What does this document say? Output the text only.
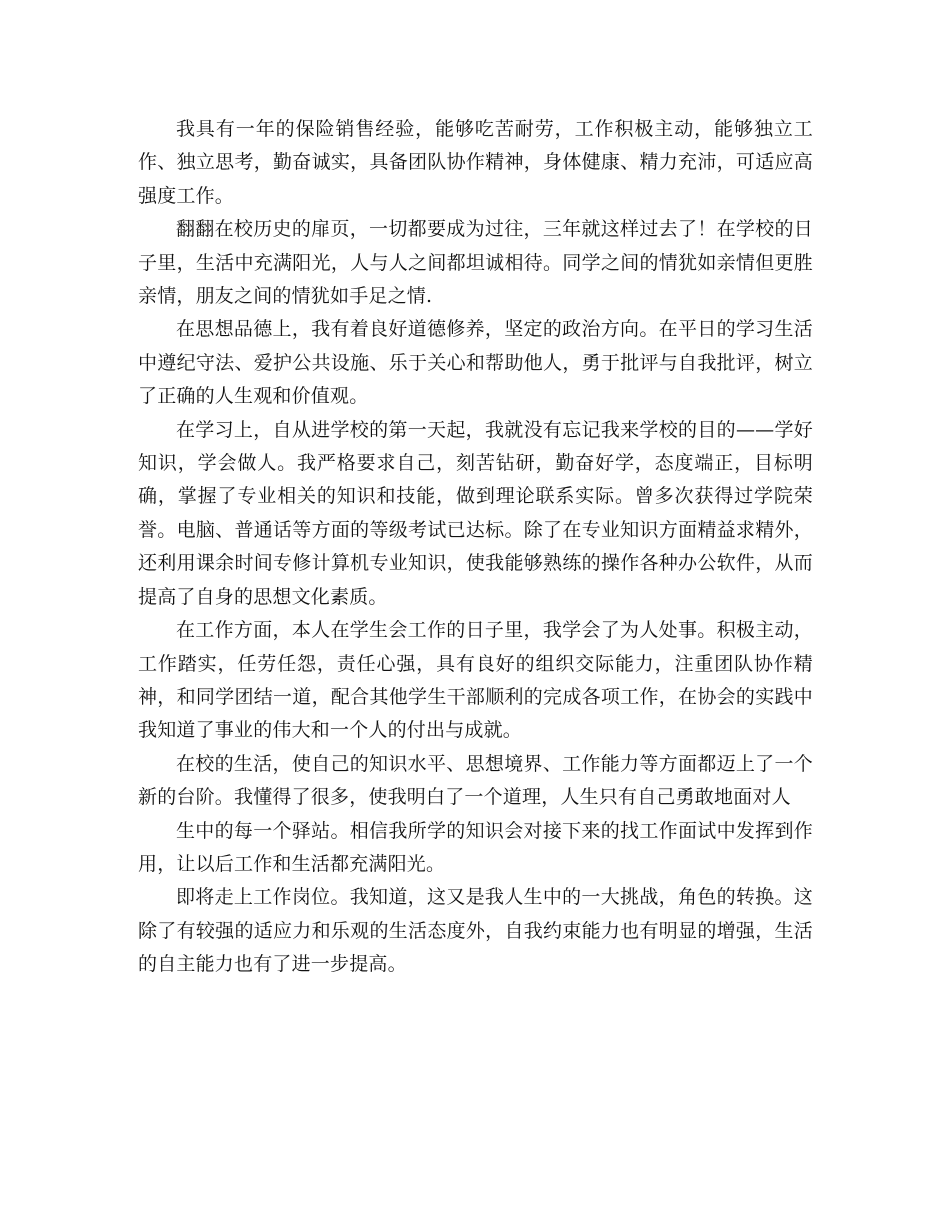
我具有一年的保险销售经验，能够吃苦耐劳，工作积极主动，能够独立工作、独立思考，勤奋诚实，具备团队协作精神，身体健康、精力充沛，可适应高强度工作。

翻翻在校历史的扉页，一切都要成为过往，三年就这样过去了！在学校的日子里，生活中充满阳光，人与人之间都坦诚相待。同学之间的情犹如亲情但更胜亲情，朋友之间的情犹如手足之情.

在思想品德上，我有着良好道德修养，坚定的政治方向。在平日的学习生活中遵纪守法、爱护公共设施、乐于关心和帮助他人，勇于批评与自我批评，树立了正确的人生观和价值观。

在学习上，自从进学校的第一天起，我就没有忘记我来学校的目的——学好知识，学会做人。我严格要求自己，刻苦钻研，勤奋好学，态度端正，目标明确，掌握了专业相关的知识和技能，做到理论联系实际。曾多次获得过学院荣誉。电脑、普通话等方面的等级考试已达标。除了在专业知识方面精益求精外，还利用课余时间专修计算机专业知识，使我能够熟练的操作各种办公软件，从而提高了自身的思想文化素质。

在工作方面，本人在学生会工作的日子里，我学会了为人处事。积极主动，工作踏实，任劳任怨，责任心强，具有良好的组织交际能力，注重团队协作精神，和同学团结一道，配合其他学生干部顺利的完成各项工作，在协会的实践中我知道了事业的伟大和一个人的付出与成就。

在校的生活，使自己的知识水平、思想境界、工作能力等方面都迈上了一个新的台阶。我懂得了很多，使我明白了一个道理，人生只有自己勇敢地面对人

生中的每一个驿站。相信我所学的知识会对接下来的找工作面试中发挥到作用，让以后工作和生活都充满阳光。

即将走上工作岗位。我知道，这又是我人生中的一大挑战，角色的转换。这除了有较强的适应力和乐观的生活态度外，自我约束能力也有明显的增强，生活的自主能力也有了进一步提高。
